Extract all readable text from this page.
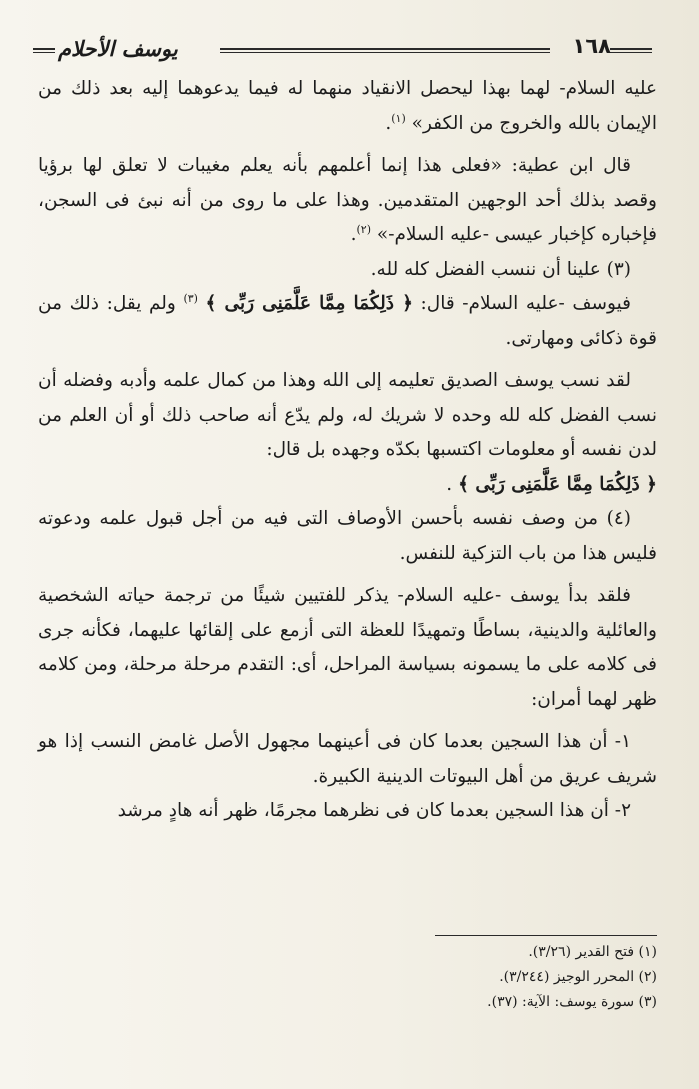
١٦٨
يوسف الأحلام

عليه السلام- لهما بهذا ليحصل الانقياد منهما له فيما يدعوهما إليه بعد ذلك من الإيمان بالله والخروج من الكفر» $^{(١)}$.

قال ابن عطية: «فعلى هذا إنما أعلمهم بأنه يعلم مغيبات لا تعلق لها برؤيا وقصد بذلك أحد الوجهين المتقدمين. وهذا على ما روى من أنه نبئ فى السجن، فإخباره كإخبار عيسى -عليه السلام-» $^{(٢)}$.

(٣) علينا أن ننسب الفضل كله لله.

فيوسف -عليه السلام- قال: ﴿ ذَلِكُمَا مِمَّا عَلَّمَنِى رَبِّى ﴾ $^{(٣)}$ ولم يقل: ذلك من قوة ذكائى ومهارتى.

لقد نسب يوسف الصديق تعليمه إلى الله وهذا من كمال علمه وأدبه وفضله أن نسب الفضل كله لله وحده لا شريك له، ولم يدّع أنه صاحب ذلك أو أن العلم من لدن نفسه أو معلومات اكتسبها بكدّه وجهده بل قال:
﴿ ذَلِكُمَا مِمَّا عَلَّمَنِى رَبِّى ﴾ .

(٤) من وصف نفسه بأحسن الأوصاف التى فيه من أجل قبول علمه ودعوته فليس هذا من باب التزكية للنفس.

فلقد بدأ يوسف -عليه السلام- يذكر للفتيين شيئًا من ترجمة حياته الشخصية والعائلية والدينية، بساطًا وتمهيدًا للعظة التى أزمع على إلقائها عليهما، فكأنه جرى فى كلامه على ما يسمونه بسياسة المراحل، أى: التقدم مرحلة مرحلة، ومن كلامه ظهر لهما أمران:

١- أن هذا السجين بعدما كان فى أعينهما مجهول الأصل غامض النسب إذا هو شريف عريق من أهل البيوتات الدينية الكبيرة.

٢- أن هذا السجين بعدما كان فى نظرهما مجرمًا، ظهر أنه هادٍ مرشد

(١) فتح القدير (٣/٢٦).
(٢) المحرر الوجيز (٣/٢٤٤).
(٣) سورة يوسف: الآية: (٣٧).
